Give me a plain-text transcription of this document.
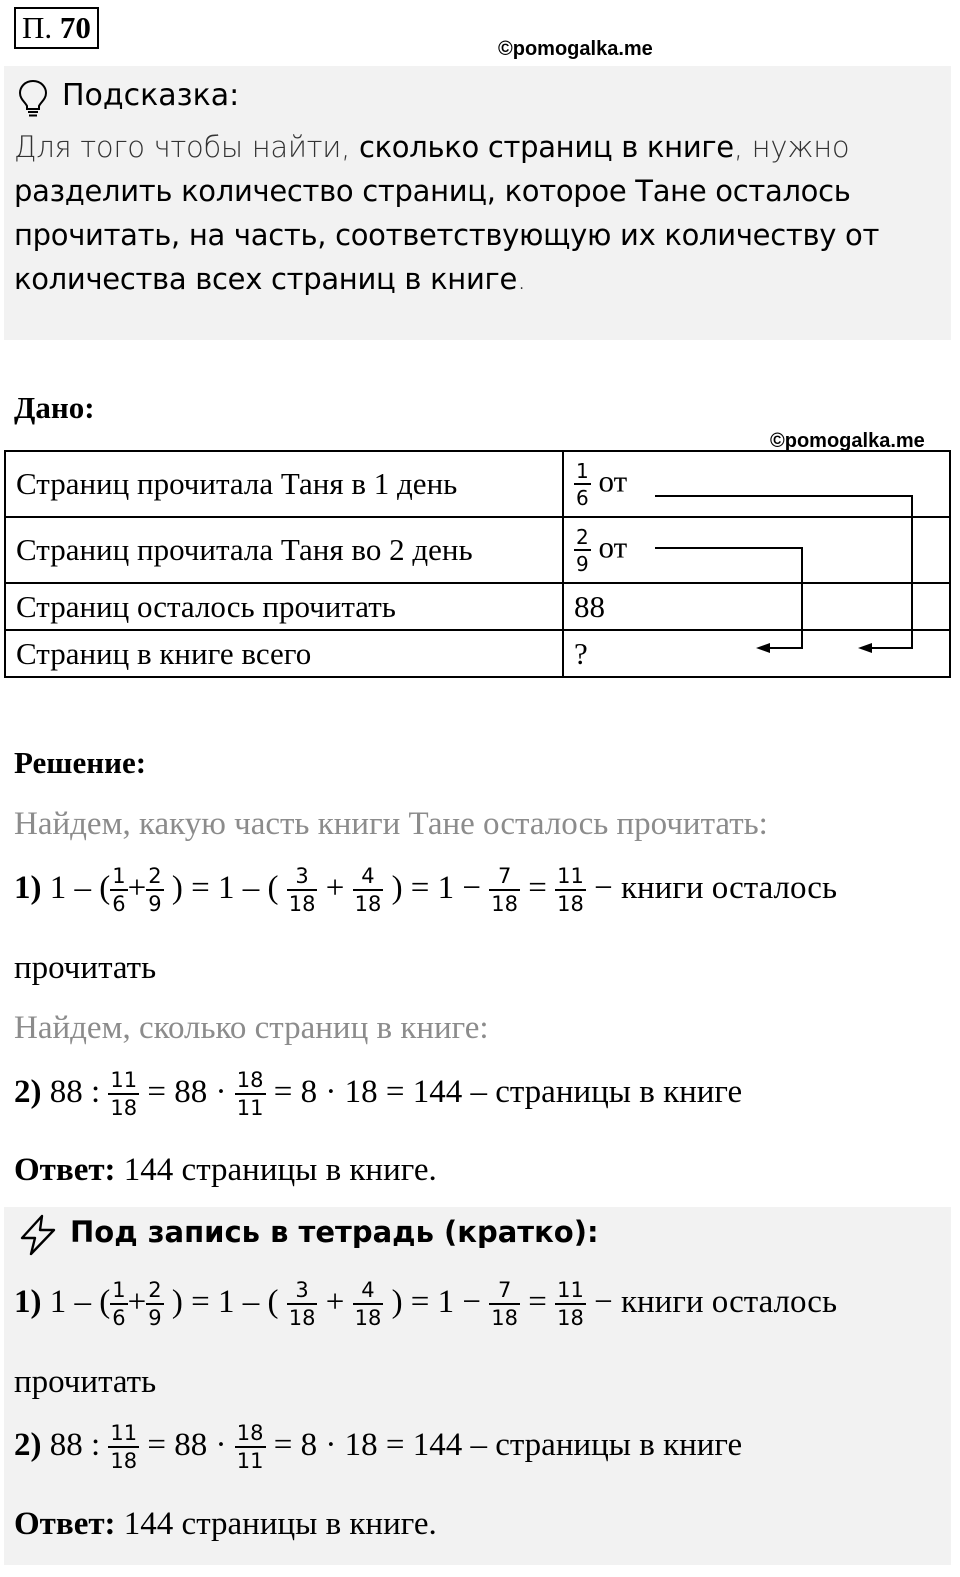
П. 70
©pomogalka.me
Подсказка:
Для того чтобы найти, сколько страниц в книге, нужно разделить количество страниц, которое Тане осталось прочитать, на часть, соответствующую их количеству от количества всех страниц в книге.
Дано:
©pomogalka.me
Страниц прочитала Таня в 1 день	$\frac{1}{6}$ от
Страниц прочитала Таня во 2 день	$\frac{2}{9}$ от
Страниц осталось прочитать	88
Страниц в книге всего	?
Решение:
Найдем, какую часть книги Тане осталось прочитать:
1) 1 – ( $\frac{1}{6} + \frac{2}{9}$ ) = 1 – ( $\frac{3}{18} + \frac{4}{18}$ ) = $1 - \frac{7}{18} = \frac{11}{18}$ − книги осталось
прочитать
Найдем, сколько страниц в книге:
2) 88 : $\frac{11}{18} = 88 \cdot \frac{18}{11} = 8 \cdot 18 = 144$ – страницы в книге
Ответ: 144 страницы в книге.
Под запись в тетрадь (кратко):
1) 1 – ( $\frac{1}{6} + \frac{2}{9}$ ) = 1 – ( $\frac{3}{18} + \frac{4}{18}$ ) = $1 - \frac{7}{18} = \frac{11}{18}$ − книги осталось
прочитать
2) 88 : $\frac{11}{18} = 88 \cdot \frac{18}{11} = 8 \cdot 18 = 144$ – страницы в книге
Ответ: 144 страницы в книге.
